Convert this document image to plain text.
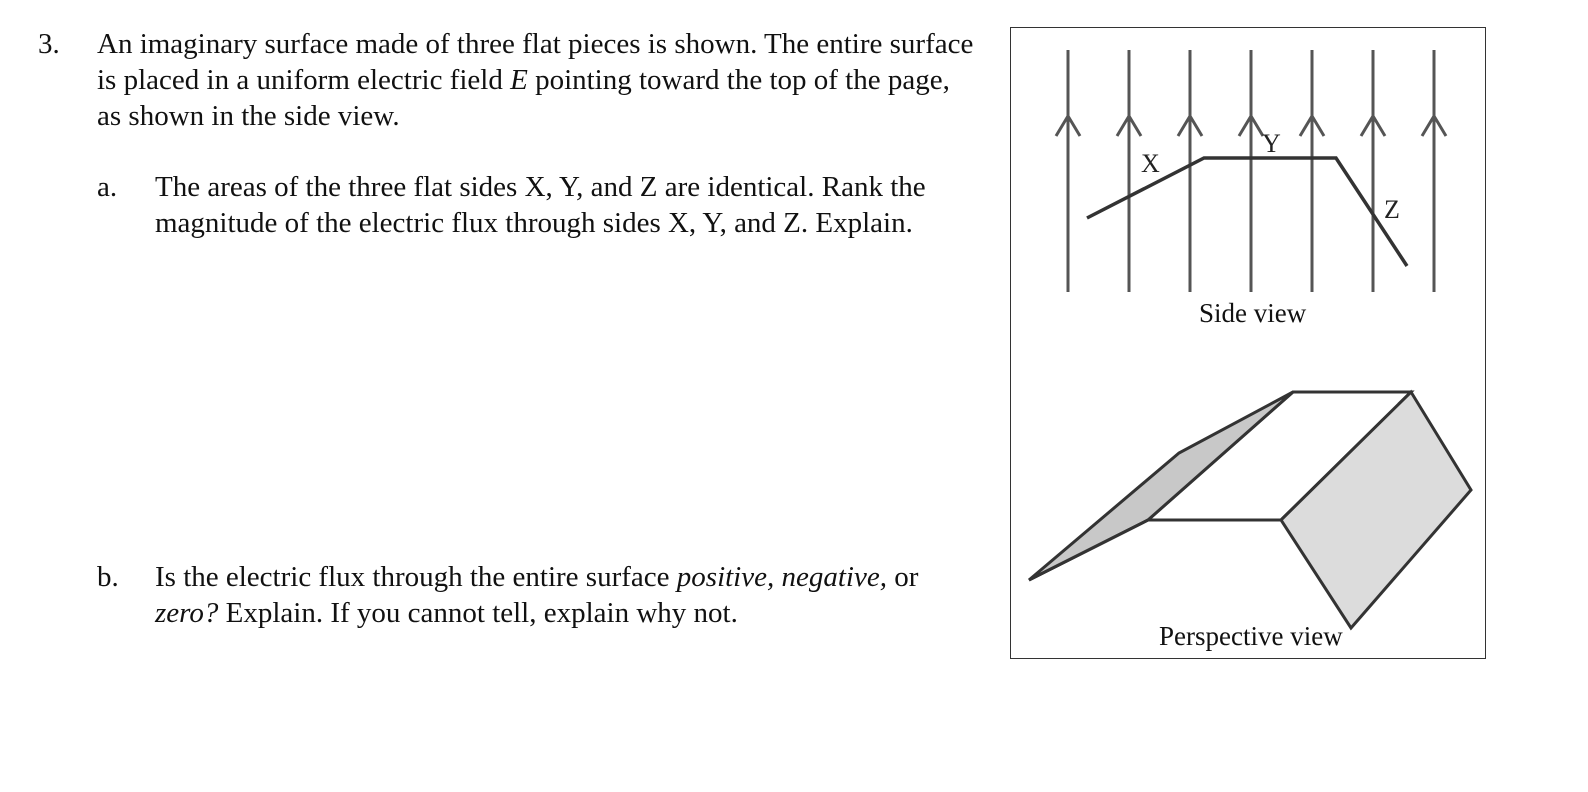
3. An imaginary surface made of three flat pieces is shown. The entire surface is placed in a uniform electric field E pointing toward the top of the page, as shown in the side view.
a. The areas of the three flat sides X, Y, and Z are identical. Rank the magnitude of the electric flux through sides X, Y, and Z. Explain.
b. Is the electric flux through the entire surface positive, negative, or zero? Explain. If you cannot tell, explain why not.
X
Y
Z
Side view
Perspective view
